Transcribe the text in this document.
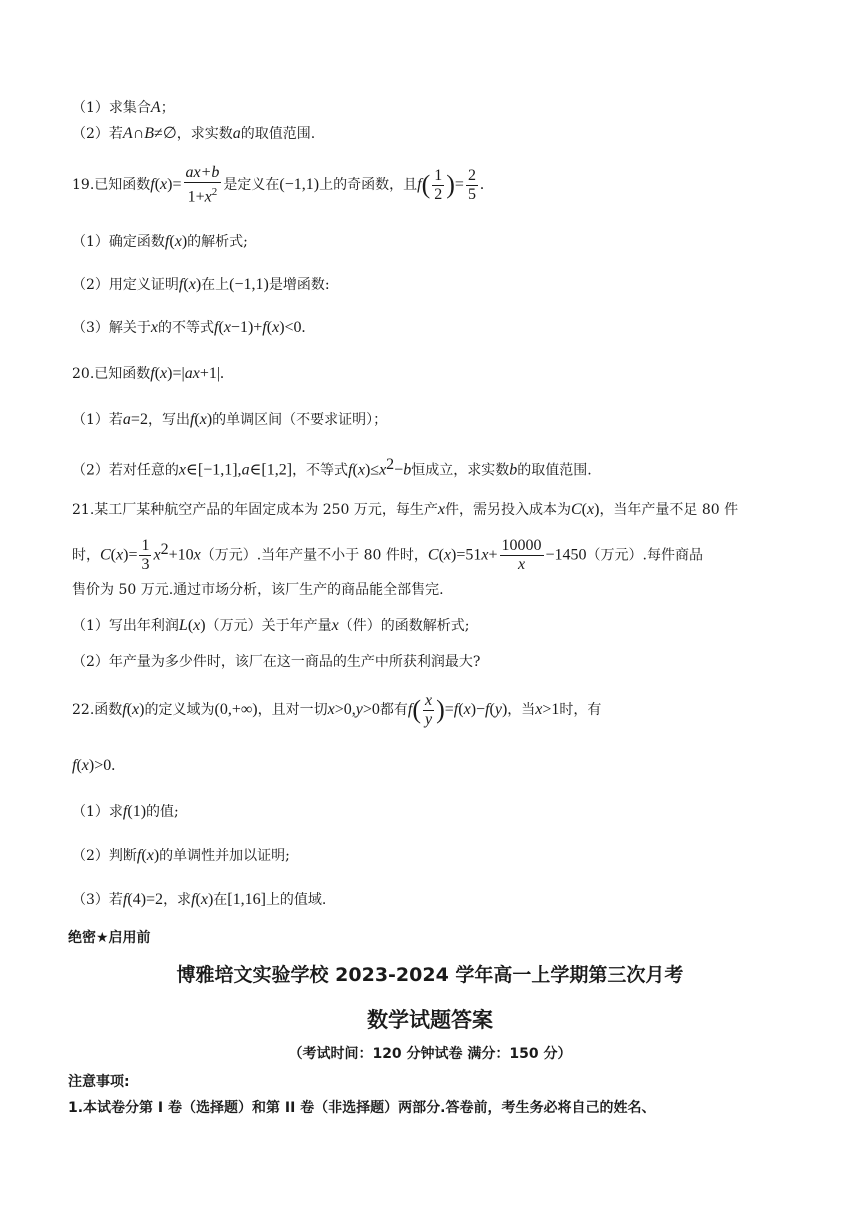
（1）求集合A；
（2）若A∩B≠∅，求实数a的取值范围.
19.已知函数$f(x)= \frac{ax+b}{1+x^2}$ 是定义在(−1,1)上的奇函数，且$f( \frac{1}{2}$ )= $\frac{2}{5}$ .
（1）确定函数f(x)的解析式;
（2）用定义证明f(x)在上(−1,1)是增函数:
（3）解关于x的不等式f(x−1)+f(x)<0.
20.已知函数f(x)=|ax+1|.
（1）若a=2，写出f(x)的单调区间（不要求证明）；
（2）若对任意的x∈[−1,1],a∈[1,2]，不等式$f(x)\le x^2-b$恒成立，求实数b的取值范围.
21.某工厂某种航空产品的年固定成本为 250 万元，每生产x件，需另投入成本为C(x)，当年产量不足 80 件
时，$C(x)= \frac{1}{3} x^2+10x$（万元）.当年产量不小于 80 件时，$C(x)=51x+ \frac{10000}{x} -1450$（万元）.每件商品
售价为 50 万元.通过市场分析，该厂生产的商品能全部售完.
（1）写出年利润L(x)（万元）关于年产量x（件）的函数解析式;
（2）年产量为多少件时，该厂在这一商品的生产中所获利润最大?
22.函数f(x)的定义域为(0,+∞)，且对一切x>0,y>0都有$f( \frac{x}{y} )=f(x)-f(y)$，当x>1时，有
f(x)>0.
（1）求f(1)的值;
（2）判断f(x)的单调性并加以证明;
（3）若f(4)=2，求f(x)在[1,16]上的值域.
绝密★启用前
博雅培文实验学校 2023-2024 学年高一上学期第三次月考
数学试题答案
（考试时间：120 分钟试卷 满分：150 分）
注意事项:
1.本试卷分第 I 卷（选择题）和第 II 卷（非选择题）两部分.答卷前，考生务必将自己的姓名、
